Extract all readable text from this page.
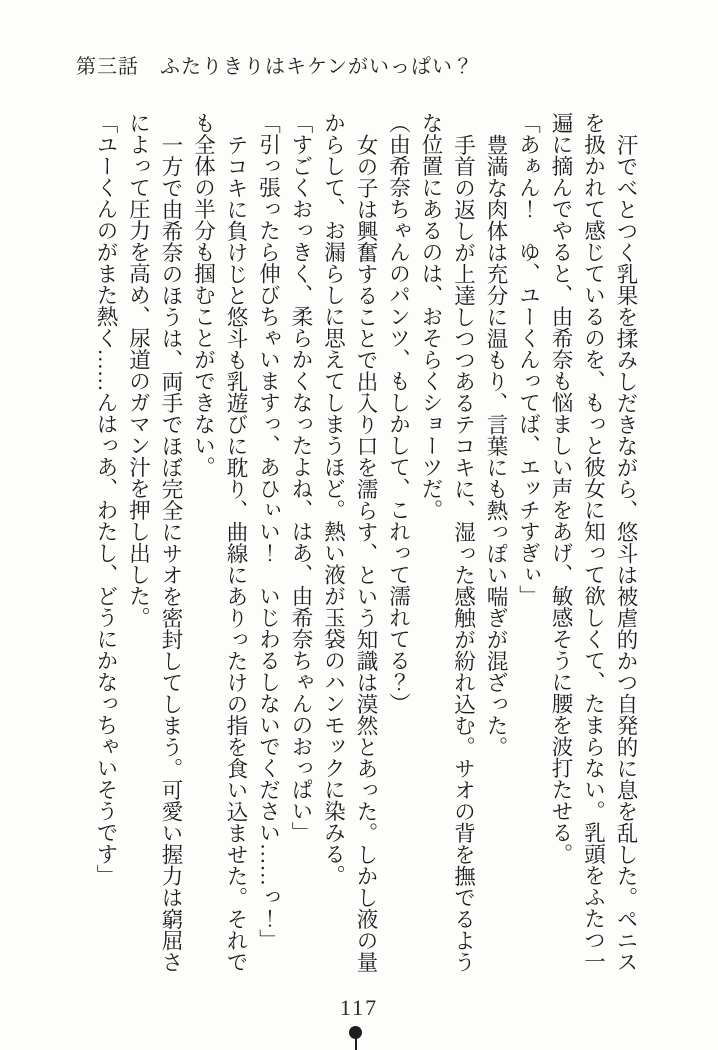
第三話　ふたりきりはキケンがいっぱい？

汗でべとつく乳果を揉みしだきながら、悠斗は被虐的かつ自発的に息を乱した。ペニスを扱かれて感じているのを、もっと彼女に知って欲しくて、たまらない。乳頭をふたつ一遍に摘んでやると、由希奈も悩ましい声をあげ、敏感そうに腰を波打たせる。

「あぁん！　ゆ、ユーくんってば、エッチすぎぃ」

豊満な肉体は充分に温もり、言葉にも熱っぽい喘ぎが混ざった。

手首の返しが上達しつつあるテコキに、湿った感触が紛れ込む。サオの背を撫でるような位置にあるのは、おそらくショーツだ。

（由希奈ちゃんのパンツ、もしかして、これって濡れてる？）

女の子は興奮することで出入り口を濡らす、という知識は漠然とあった。しかし液の量からして、お漏らしに思えてしまうほど。熱い液が玉袋のハンモックに染みる。

「すごくおっきく、柔らかくなったよね、はあ、由希奈ちゃんのおっぱい」

「引っ張ったら伸びちゃいますっ、あひぃい！　いじわるしないでください……っ！」

テコキに負けじと悠斗も乳遊びに耽り、曲線にありったけの指を食い込ませた。それでも全体の半分も掴むことができない。

一方で由希奈のほうは、両手でほぼ完全にサオを密封してしまう。可愛い握力は窮屈さによって圧力を高め、尿道のガマン汁を押し出した。

「ユーくんのがまた熱く……んはっあ、わたし、どうにかなっちゃいそうです」

117
